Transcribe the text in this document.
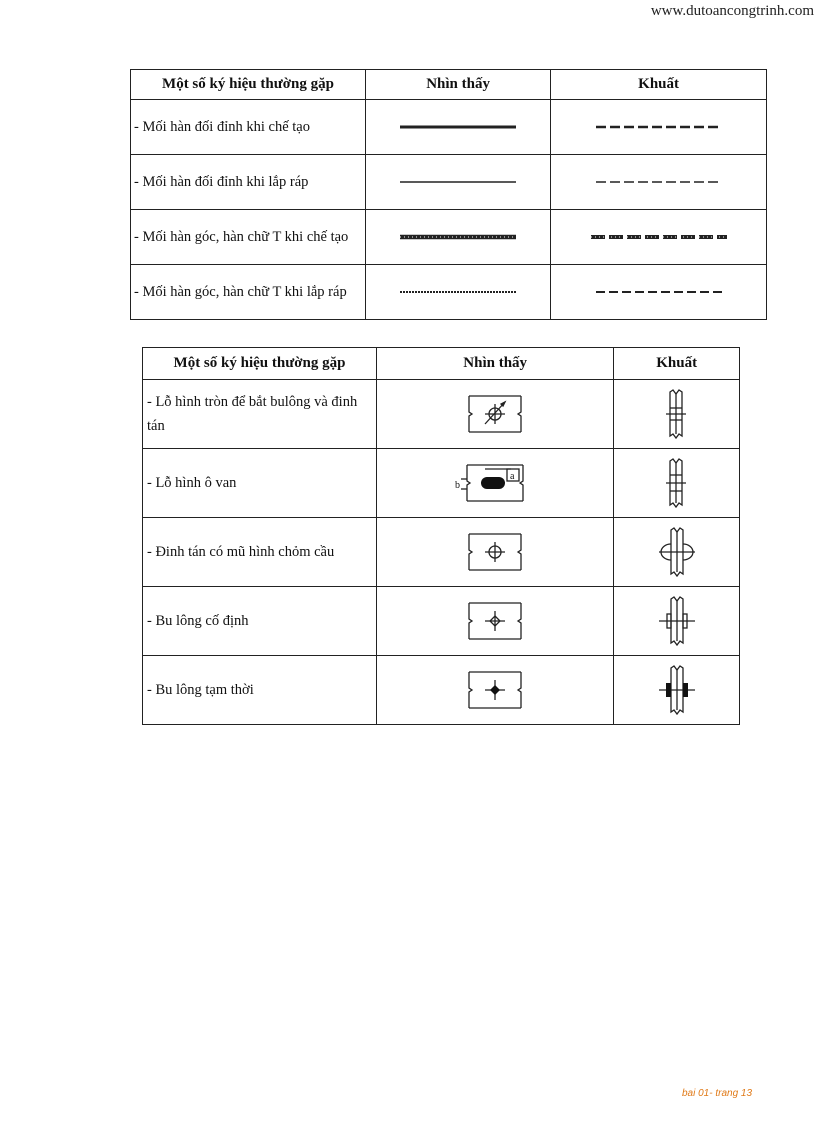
www.dutoancongtrinh.com
Một số ký hiệu thường gặp	Nhìn thấy	Khuất
- Mối hàn đối đỉnh khi chế tạo	

- Mối hàn đối đỉnh khi lắp ráp	

- Mối hàn góc, hàn chữ T khi chế tạo	

- Mối hàn góc, hàn chữ T khi lắp ráp	

Một số ký hiệu thường gặp	Nhìn thấy	Khuất
- Lỗ hình tròn để bắt bulông và đinh tán	

- Lỗ hình ô van	b
a

- Đinh tán có mũ hình chỏm cầu	

- Bu lông cố định	

- Bu lông tạm thời	

bai 01- trang 13
